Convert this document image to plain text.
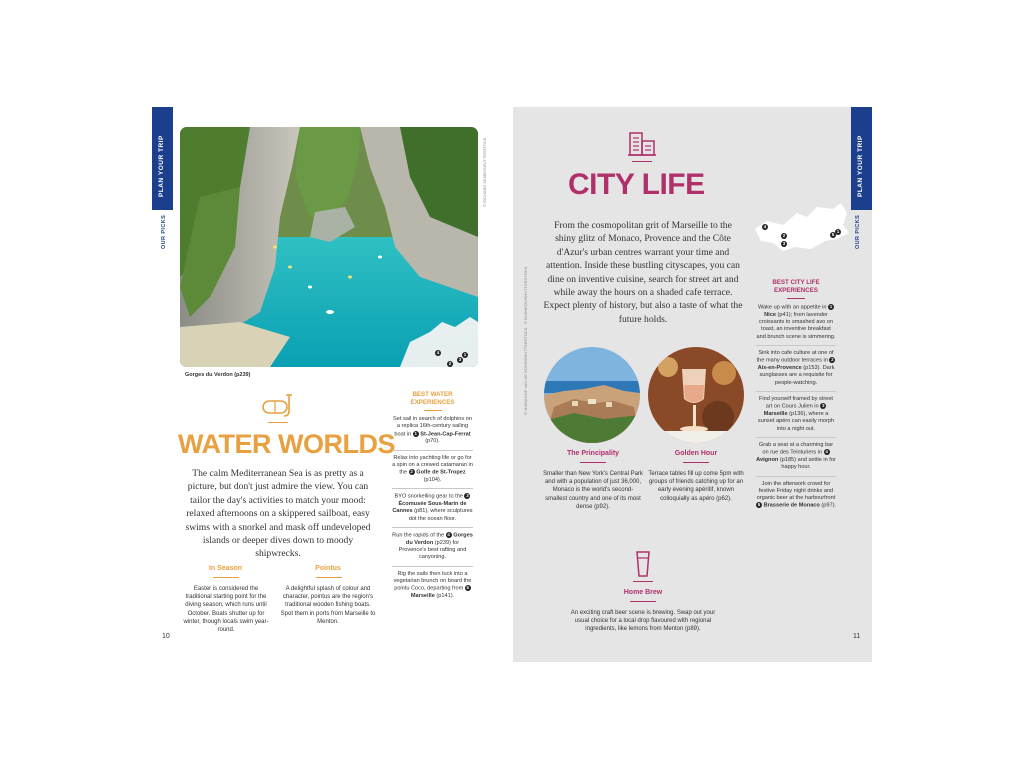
PLAN YOUR TRIP
OUR PICKS
1
2
3
4
© RICHARD SEMIK/SHUTTERSTOCK
Gorges du Verdon (p239)
WATER WORLDS
The calm Mediterranean Sea is as pretty as a picture, but don't just admire the view. You can tailor the day's activities to match your mood: relaxed afternoons on a skippered sailboat, easy swims with a snorkel and mask off undeveloped islands or deeper dives down to moody shipwrecks.
In Season
Easter is considered the traditional starting point for the diving season, which runs until October. Boats shutter up for winter, though locals swim year-round.
Pointus
A delightful splash of colour and character, pointus are the region's traditional wooden fishing boats. Spot them in ports from Marseille to Menton.
BEST WATER EXPERIENCES
Set sail in search of dolphins on a replica 16th-century sailing boat in 1 St-Jean-Cap-Ferrat (p70).
Relax into yachting life or go for a spin on a crewed catamaran in the 2 Golfe de St-Tropez (p104).
BYO snorkelling gear to the 3 Écomusée Sous-Marin de Cannes (p81), where sculptures dot the ocean floor.
Run the rapids of the 4 Gorges du Verdon (p239) for Provence's best rafting and canyoning.
Rig the sails then tuck into a vegetarian brunch on board the pointu Coco, departing from 5 Marseille (p141).
10
PLAN YOUR TRIP
OUR PICKS
CITY LIFE
From the cosmopolitan grit of Marseille to the shiny glitz of Monaco, Provence and the Côte d'Azur's urban centres warrant your time and attention. Inside these bustling cityscapes, you can dine on inventive cuisine, search for street art and while away the hours on a shaded cafe terrace. Expect plenty of history, but also a taste of what the future holds.
1
2
3
4
5
© MARIANNE VAN DE KOOR/SHUTTERSTOCK · © BUSHKOV/SHUTTERSTOCK
The Principality
Smaller than New York's Central Park and with a population of just 36,000, Monaco is the world's second-smallest country and one of its most dense (p92).
Golden Hour
Terrace tables fill up come 5pm with groups of friends catching up for an early evening apéritif, known colloquially as apéro (p62).
Home Brew
An exciting craft beer scene is brewing. Swap out your usual choice for a local drop flavoured with regional ingredients, like lemons from Menton (p89).
BEST CITY LIFE EXPERIENCES
Wake up with an appetite in 1 Nice (p41); from lavender croissants to smashed avo on toast, an inventive breakfast and brunch scene is simmering.
Sink into cafe culture at one of the many outdoor terraces in 2 Aix-en-Provence (p153). Dark sunglasses are a requisite for people-watching.
Find yourself framed by street art on Cours Julien in 3 Marseille (p136), where a sunset apéro can easily morph into a night out.
Grab a seat at a charming bar on rue des Teinturiers in 4 Avignon (p185) and settle in for happy hour.
Join the afterwork crowd for festive Friday night drinks and organic beer at the harbourfront 5 Brasserie de Monaco (p97).
11
